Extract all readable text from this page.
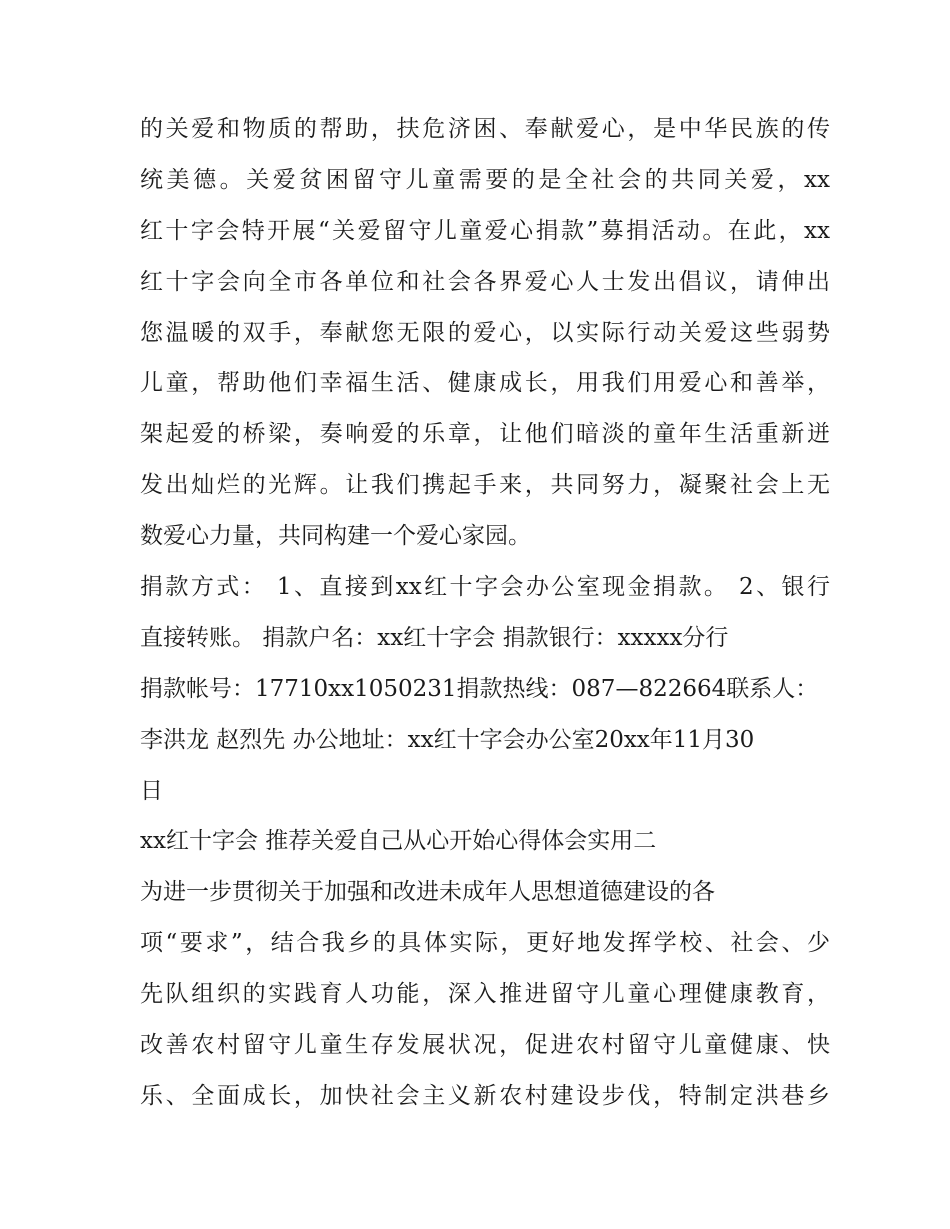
的关爱和物质的帮助，扶危济困、奉献爱心，是中华民族的传
统美德。关爱贫困留守儿童需要的是全社会的共同关爱，xx
红十字会特开展“关爱留守儿童爱心捐款”募捐活动。在此，xx
红十字会向全市各单位和社会各界爱心人士发出倡议，请伸出
您温暖的双手，奉献您无限的爱心，以实际行动关爱这些弱势
儿童，帮助他们幸福生活、健康成长，用我们用爱心和善举，
架起爱的桥梁，奏响爱的乐章，让他们暗淡的童年生活重新迸
发出灿烂的光辉。让我们携起手来，共同努力，凝聚社会上无
数爱心力量，共同构建一个爱心家园。
捐款方式： 1、直接到xx红十字会办公室现金捐款。 2、银行
直接转账。 捐款户名：xx红十字会 捐款银行：xxxxx分行
捐款帐号：17710xx1050231捐款热线：087—822664联系人：
李洪龙 赵烈先 办公地址：xx红十字会办公室20xx年11月30
日
xx红十字会 推荐关爱自己从心开始心得体会实用二
为进一步贯彻关于加强和改进未成年人思想道德建设的各
项“要求”，结合我乡的具体实际，更好地发挥学校、社会、少
先队组织的实践育人功能，深入推进留守儿童心理健康教育，
改善农村留守儿童生存发展状况，促进农村留守儿童健康、快
乐、全面成长，加快社会主义新农村建设步伐，特制定洪巷乡
